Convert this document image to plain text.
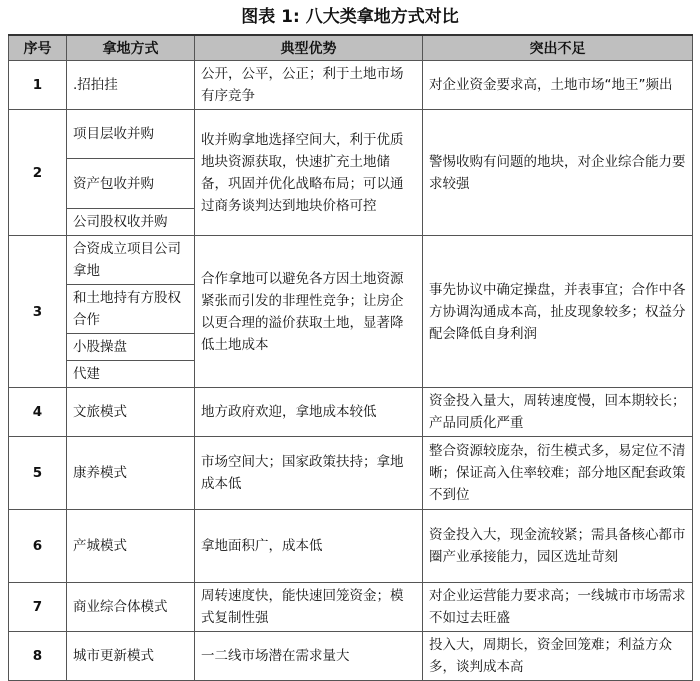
图表 1: 八大类拿地方式对比
序号	拿地方式	典型优势	突出不足
1	.招拍挂	公开，公平，公正；利于土地市场有序竞争	对企业资金要求高，土地市场“地王”频出
2	项目层收并购
资产包收并购
公司股权收并购	收并购拿地选择空间大，利于优质地块资源获取，快速扩充土地储备，巩固并优化战略布局；可以通过商务谈判达到地块价格可控	警惕收购有问题的地块，对企业综合能力要求较强
3	合资成立项目公司拿地
和土地持有方股权合作
小股操盘
代建	合作拿地可以避免各方因土地资源紧张而引发的非理性竞争；让房企以更合理的溢价获取土地，显著降低土地成本	事先协议中确定操盘，并表事宜；合作中各方协调沟通成本高，扯皮现象较多；权益分配会降低自身利润
4	文旅模式	地方政府欢迎，拿地成本较低	资金投入量大，周转速度慢，回本期较长；产品同质化严重
5	康养模式	市场空间大；国家政策扶持；拿地成本低	整合资源较庞杂，衍生模式多，易定位不清晰；保证高入住率较难；部分地区配套政策不到位
6	产城模式	拿地面积广，成本低	资金投入大，现金流较紧；需具备核心都市圈产业承接能力，园区选址苛刻
7	商业综合体模式	周转速度快，能快速回笼资金；模式复制性强	对企业运营能力要求高；一线城市市场需求不如过去旺盛
8	城市更新模式	一二线市场潜在需求量大	投入大，周期长，资金回笼难；利益方众多，谈判成本高
